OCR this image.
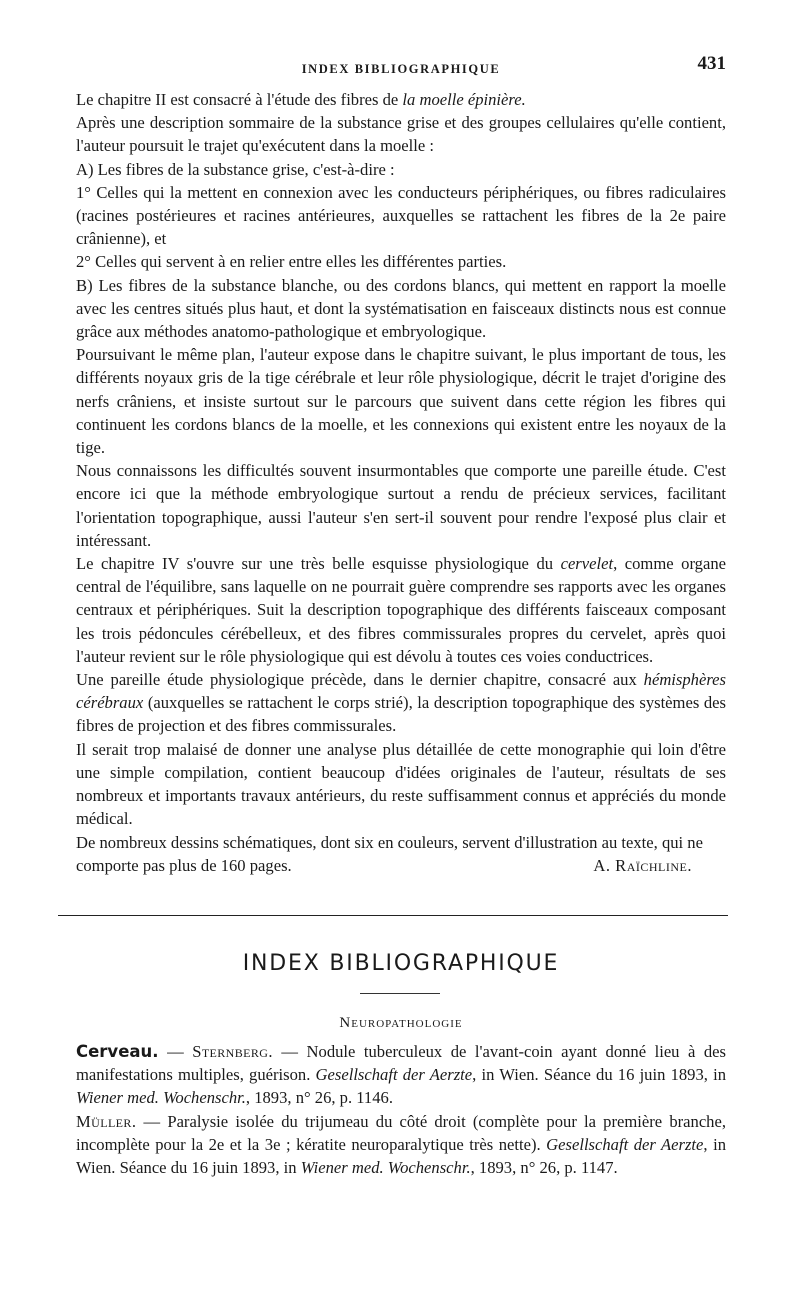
INDEX BIBLIOGRAPHIQUE	431

Le chapitre II est consacré à l'étude des fibres de la moelle épinière.

Après une description sommaire de la substance grise et des groupes cellulaires qu'elle contient, l'auteur poursuit le trajet qu'exécutent dans la moelle :

A) Les fibres de la substance grise, c'est-à-dire :

1° Celles qui la mettent en connexion avec les conducteurs périphériques, ou fibres radiculaires (racines postérieures et racines antérieures, auxquelles se rattachent les fibres de la 2e paire crânienne), et

2° Celles qui servent à en relier entre elles les différentes parties.

B) Les fibres de la substance blanche, ou des cordons blancs, qui mettent en rapport la moelle avec les centres situés plus haut, et dont la systématisation en faisceaux distincts nous est connue grâce aux méthodes anatomo-pathologique et embryologique.

Poursuivant le même plan, l'auteur expose dans le chapitre suivant, le plus important de tous, les différents noyaux gris de la tige cérébrale et leur rôle physiologique, décrit le trajet d'origine des nerfs crâniens, et insiste surtout sur le parcours que suivent dans cette région les fibres qui continuent les cordons blancs de la moelle, et les connexions qui existent entre les noyaux de la tige.

Nous connaissons les difficultés souvent insurmontables que comporte une pareille étude. C'est encore ici que la méthode embryologique surtout a rendu de précieux services, facilitant l'orientation topographique, aussi l'auteur s'en sert-il souvent pour rendre l'exposé plus clair et intéressant.

Le chapitre IV s'ouvre sur une très belle esquisse physiologique du cervelet, comme organe central de l'équilibre, sans laquelle on ne pourrait guère comprendre ses rapports avec les organes centraux et périphériques. Suit la description topographique des différents faisceaux composant les trois pédoncules cérébelleux, et des fibres commissurales propres du cervelet, après quoi l'auteur revient sur le rôle physiologique qui est dévolu à toutes ces voies conductrices.

Une pareille étude physiologique précède, dans le dernier chapitre, consacré aux hémisphères cérébraux (auxquelles se rattachent le corps strié), la description topographique des systèmes des fibres de projection et des fibres commissurales.

Il serait trop malaisé de donner une analyse plus détaillée de cette monographie qui loin d'être une simple compilation, contient beaucoup d'idées originales de l'auteur, résultats de ses nombreux et importants travaux antérieurs, du reste suffisamment connus et appréciés du monde médical.

De nombreux dessins schématiques, dont six en couleurs, servent d'illustration au texte, qui ne comporte pas plus de 160 pages.	A. Raïchline.

INDEX BIBLIOGRAPHIQUE
Neuropathologie

Cerveau. — Sternberg. — Nodule tuberculeux de l'avant-coin ayant donné lieu à des manifestations multiples, guérison. Gesellschaft der Aerzte, in Wien. Séance du 16 juin 1893, in Wiener med. Wochenschr., 1893, n° 26, p. 1146.

Müller. — Paralysie isolée du trijumeau du côté droit (complète pour la première branche, incomplète pour la 2e et la 3e ; kératite neuroparalytique très nette). Gesellschaft der Aerzte, in Wien. Séance du 16 juin 1893, in Wiener med. Wochenschr., 1893, n° 26, p. 1147.
